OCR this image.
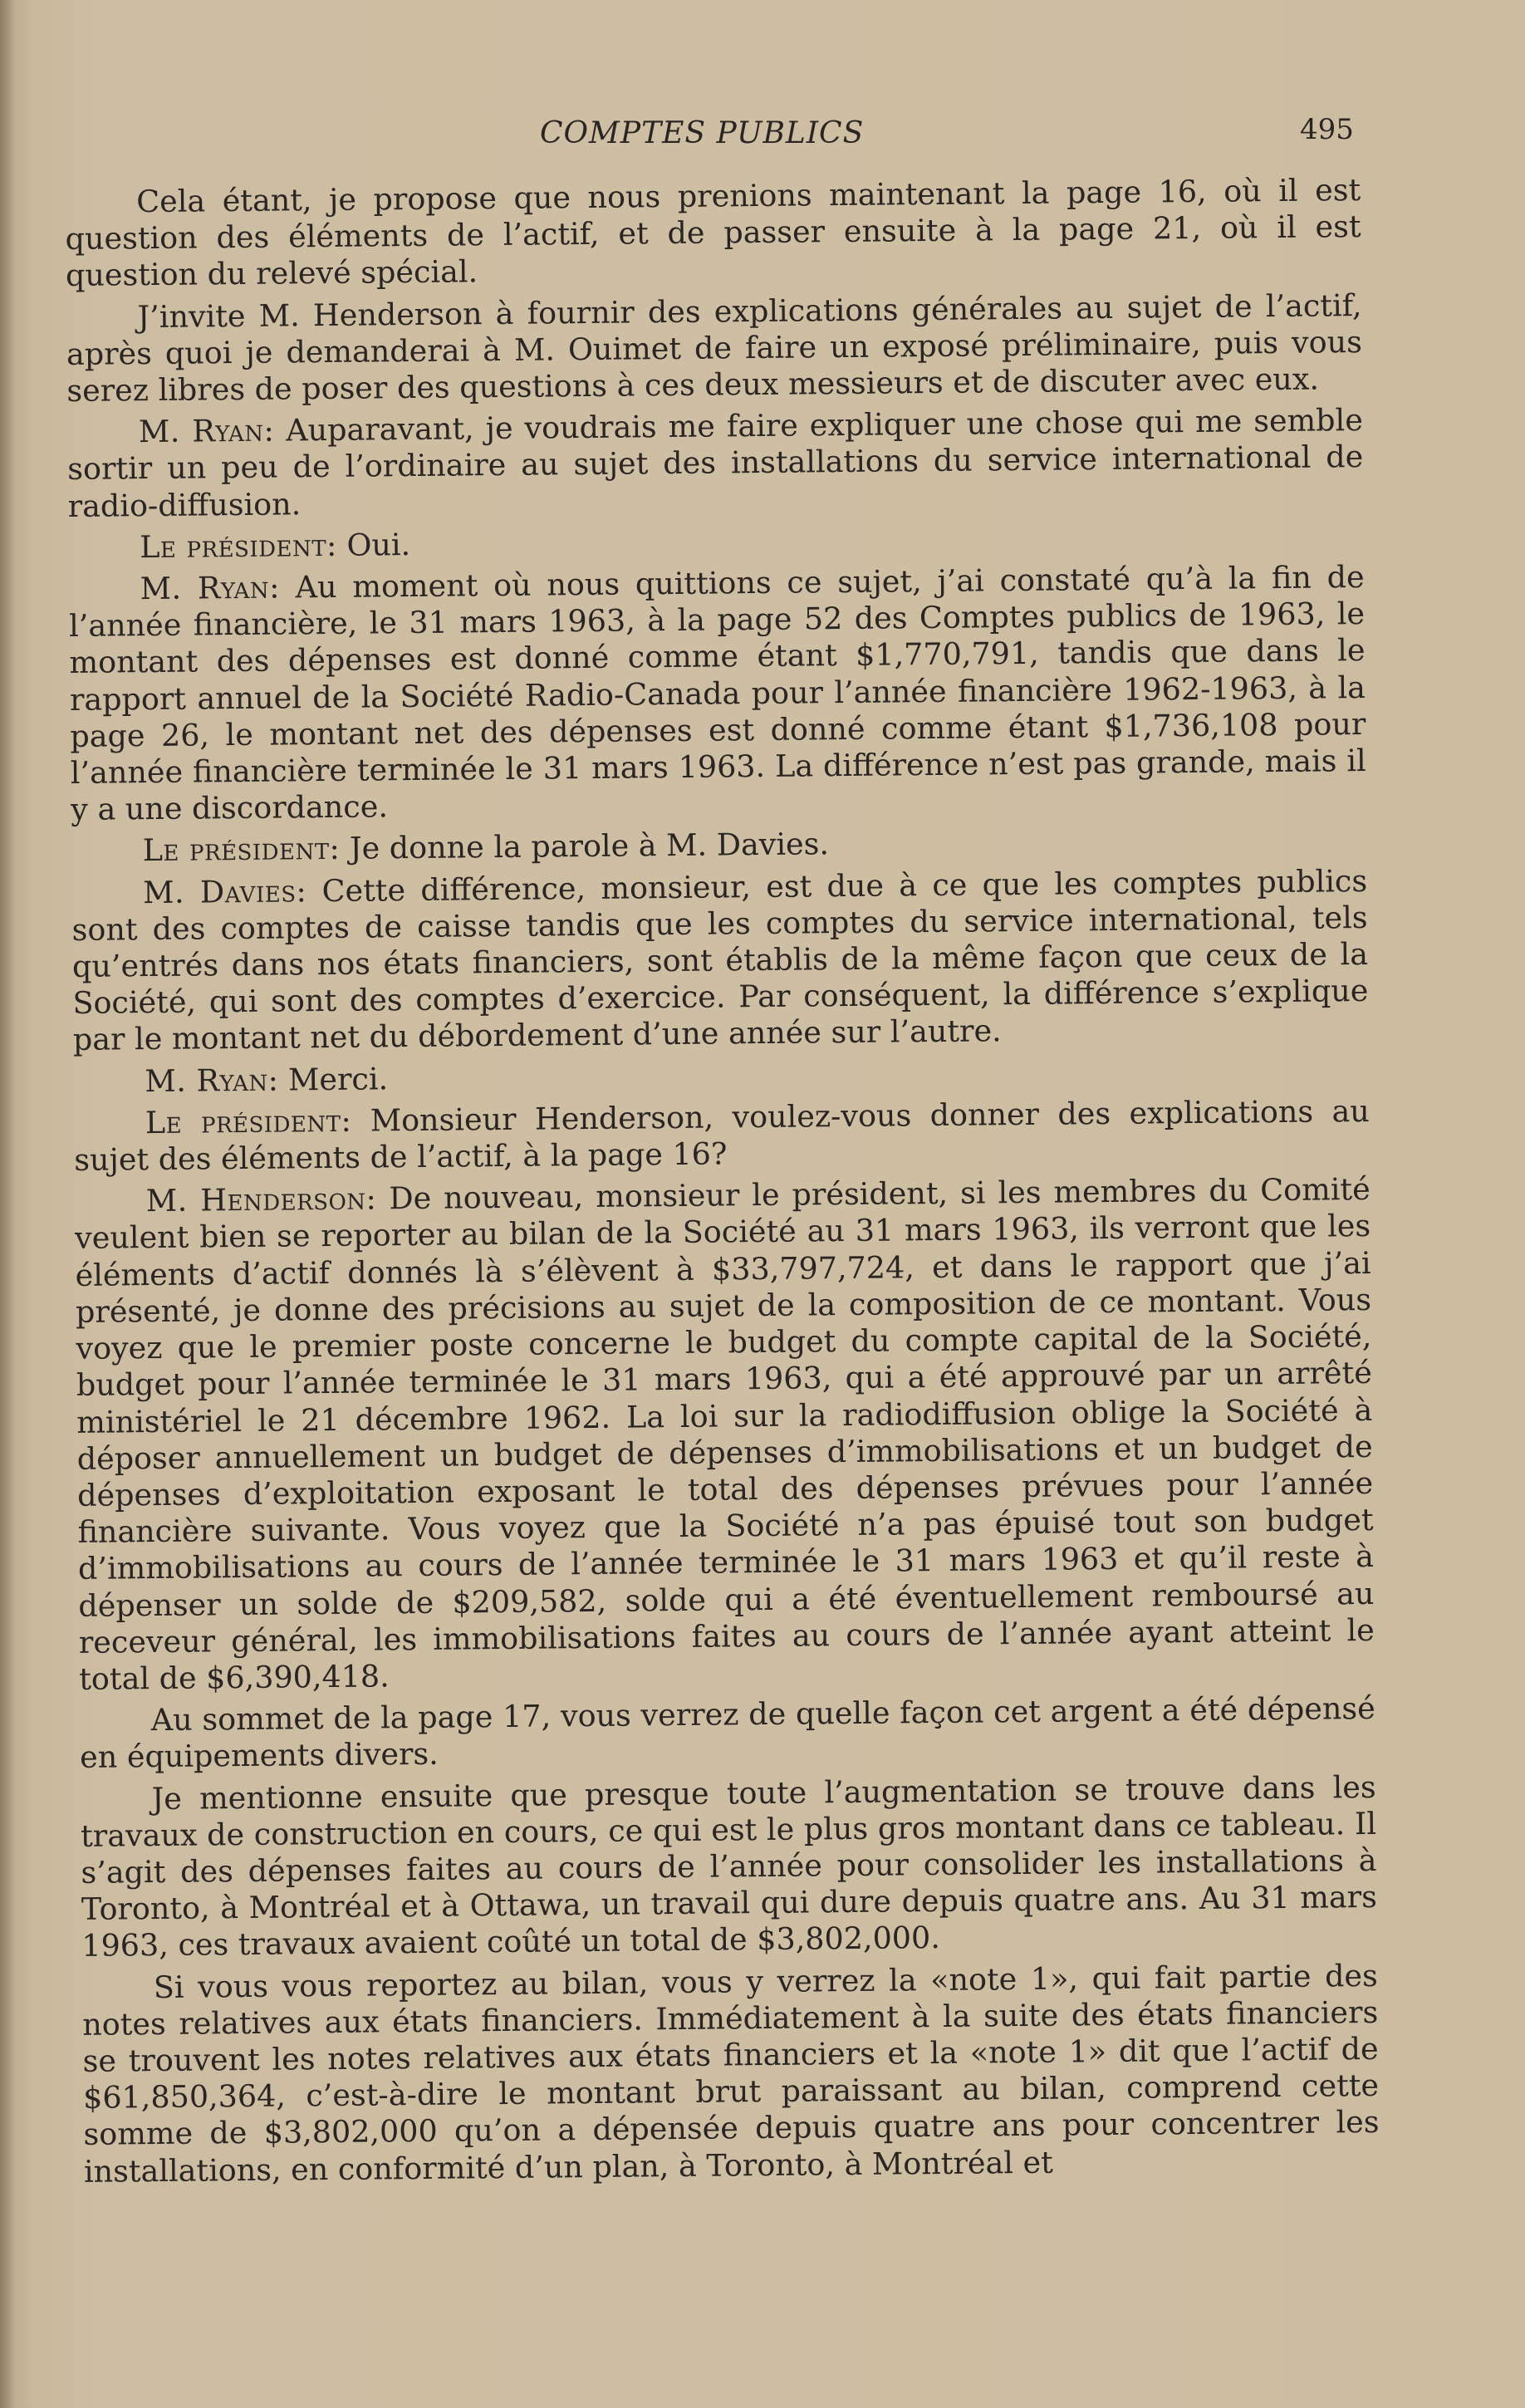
COMPTES PUBLICS	495

Cela étant, je propose que nous prenions maintenant la page 16, où il est question des éléments de l’actif, et de passer ensuite à la page 21, où il est question du relevé spécial.

J’invite M. Henderson à fournir des explications générales au sujet de l’actif, après quoi je demanderai à M. Ouimet de faire un exposé préliminaire, puis vous serez libres de poser des questions à ces deux messieurs et de discuter avec eux.

M. Ryan: Auparavant, je voudrais me faire expliquer une chose qui me semble sortir un peu de l’ordinaire au sujet des installations du service international de radio-diffusion.

Le président: Oui.

M. Ryan: Au moment où nous quittions ce sujet, j’ai constaté qu’à la fin de l’année financière, le 31 mars 1963, à la page 52 des Comptes publics de 1963, le montant des dépenses est donné comme étant $1,770,791, tandis que dans le rapport annuel de la Société Radio-Canada pour l’année financière 1962-1963, à la page 26, le montant net des dépenses est donné comme étant $1,736,108 pour l’année financière terminée le 31 mars 1963. La différence n’est pas grande, mais il y a une discordance.

Le président: Je donne la parole à M. Davies.

M. Davies: Cette différence, monsieur, est due à ce que les comptes publics sont des comptes de caisse tandis que les comptes du service international, tels qu’entrés dans nos états financiers, sont établis de la même façon que ceux de la Société, qui sont des comptes d’exercice. Par conséquent, la différence s’explique par le montant net du débordement d’une année sur l’autre.

M. Ryan: Merci.

Le président: Monsieur Henderson, voulez-vous donner des explications au sujet des éléments de l’actif, à la page 16?

M. Henderson: De nouveau, monsieur le président, si les membres du Comité veulent bien se reporter au bilan de la Société au 31 mars 1963, ils verront que les éléments d’actif donnés là s’élèvent à $33,797,724, et dans le rapport que j’ai présenté, je donne des précisions au sujet de la composition de ce montant. Vous voyez que le premier poste concerne le budget du compte capital de la Société, budget pour l’année terminée le 31 mars 1963, qui a été approuvé par un arrêté ministériel le 21 décembre 1962. La loi sur la radiodiffusion oblige la Société à déposer annuellement un budget de dépenses d’immobilisations et un budget de dépenses d’exploitation exposant le total des dépenses prévues pour l’année financière suivante. Vous voyez que la Société n’a pas épuisé tout son budget d’immobilisations au cours de l’année terminée le 31 mars 1963 et qu’il reste à dépenser un solde de $209,582, solde qui a été éventuellement remboursé au receveur général, les immobilisations faites au cours de l’année ayant atteint le total de $6,390,418.

Au sommet de la page 17, vous verrez de quelle façon cet argent a été dépensé en équipements divers.

Je mentionne ensuite que presque toute l’augmentation se trouve dans les travaux de construction en cours, ce qui est le plus gros montant dans ce tableau. Il s’agit des dépenses faites au cours de l’année pour consolider les installations à Toronto, à Montréal et à Ottawa, un travail qui dure depuis quatre ans. Au 31 mars 1963, ces travaux avaient coûté un total de $3,802,000.

Si vous vous reportez au bilan, vous y verrez la «note 1», qui fait partie des notes relatives aux états financiers. Immédiatement à la suite des états financiers se trouvent les notes relatives aux états financiers et la «note 1» dit que l’actif de $61,850,364, c’est-à-dire le montant brut paraissant au bilan, comprend cette somme de $3,802,000 qu’on a dépensée depuis quatre ans pour concentrer les installations, en conformité d’un plan, à Toronto, à Montréal et
